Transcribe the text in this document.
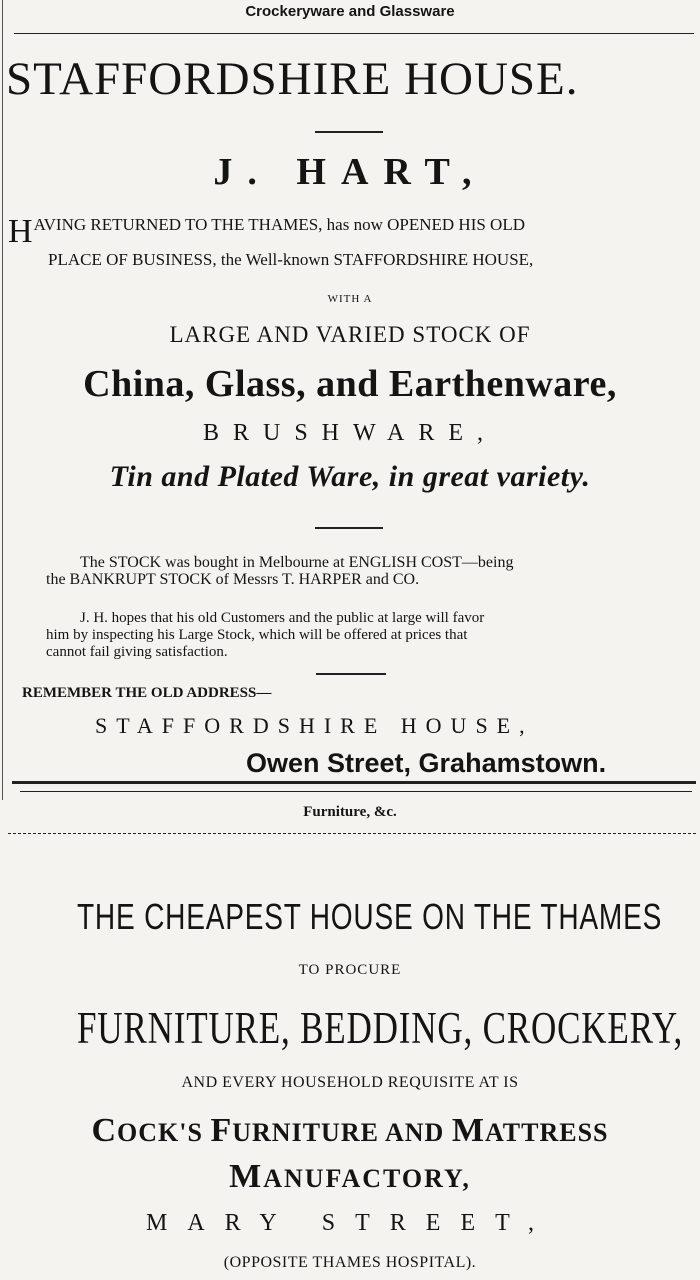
Crockeryware and Glassware
STAFFORDSHIRE HOUSE.
J. HART,
HAVING RETURNED TO THE THAMES, has now OPENED HIS OLD
PLACE OF BUSINESS, the Well-known STAFFORDSHIRE HOUSE,
WITH A
LARGE AND VARIED STOCK OF
China, Glass, and Earthenware,
BRUSHWARE,
Tin and Plated Ware, in great variety.
The STOCK was bought in Melbourne at ENGLISH COST—being
the BANKRUPT STOCK of Messrs T. HARPER and CO.
J. H. hopes that his old Customers and the public at large will favor
him by inspecting his Large Stock, which will be offered at prices that
cannot fail giving satisfaction.
REMEMBER THE OLD ADDRESS—
STAFFORDSHIRE HOUSE,
Owen Street, Grahamstown.
Furniture, &c.
THE CHEAPEST HOUSE ON THE THAMES
TO PROCURE
FURNITURE, BEDDING, CROCKERY,
AND EVERY HOUSEHOLD REQUISITE AT IS
COCK'S FURNITURE AND MATTRESS
MANUFACTORY,
MARY STREET,
(OPPOSITE THAMES HOSPITAL).
